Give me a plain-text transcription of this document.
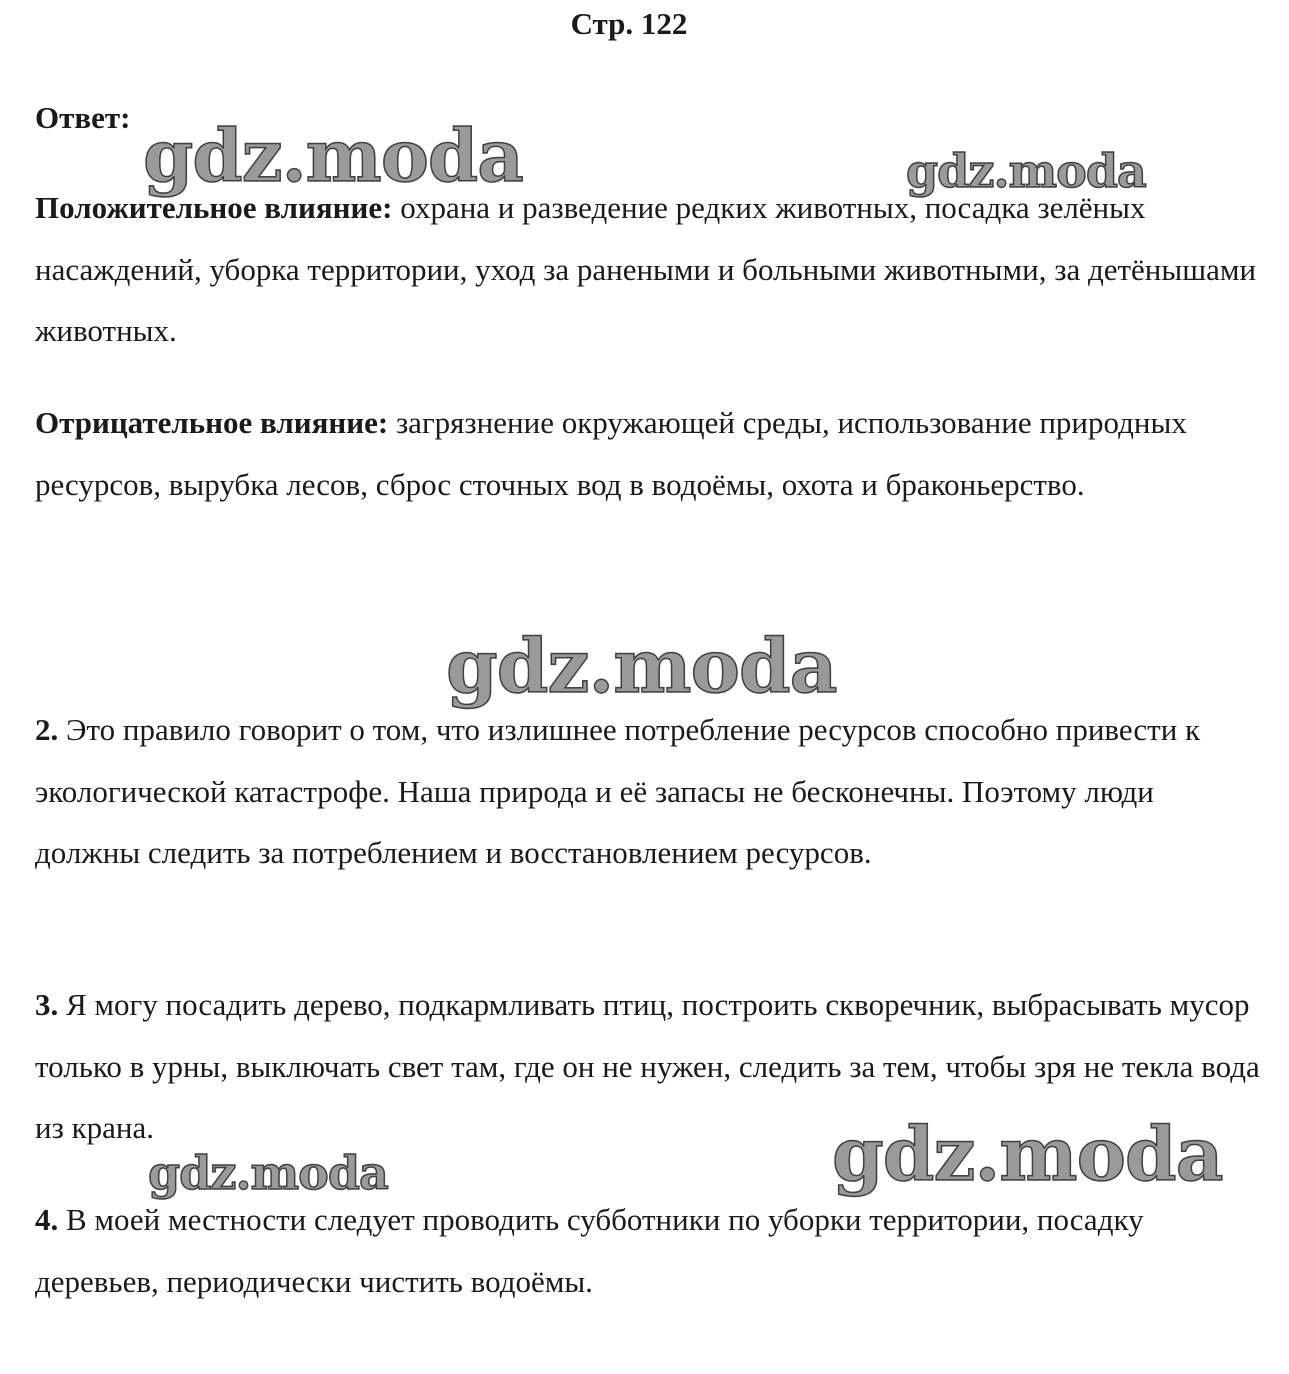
Стр. 122
Ответ:

Положительное влияние: охрана и разведение редких животных, посадка зелёных насаждений, уборка территории, уход за ранеными и больными животными, за детёнышами животных.

Отрицательное влияние: загрязнение окружающей среды, использование природных ресурсов, вырубка лесов, сброс сточных вод в водоёмы, охота и браконьерство.

2. Это правило говорит о том, что излишнее потребление ресурсов способно привести к экологической катастрофе. Наша природа и её запасы не бесконечны. Поэтому люди должны следить за потреблением и восстановлением ресурсов.

3. Я могу посадить дерево, подкармливать птиц, построить скворечник, выбрасывать мусор только в урны, выключать свет там, где он не нужен, следить за тем, чтобы зря не текла вода из крана.

4. В моей местности следует проводить субботники по уборки территории, посадку деревьев, периодически чистить водоёмы.

gdz.moda	gdz.moda
gdz.moda
gdz.moda
gdz.moda
